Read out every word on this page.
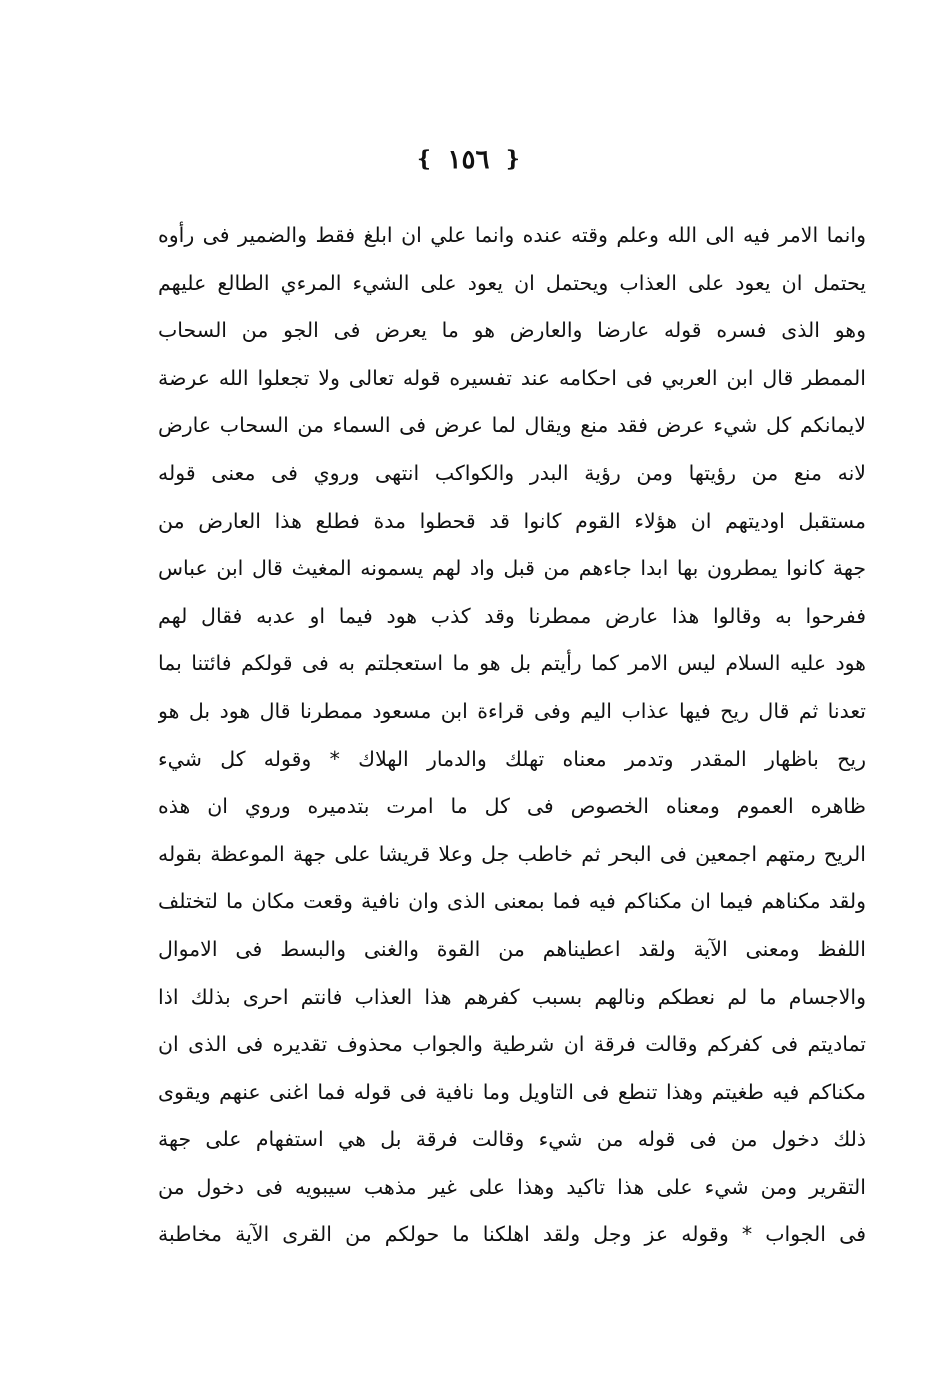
❴
١٥٦
❵
وانما الامر فيه الى الله وعلم وقته عنده وانما علي ان ابلغ فقط والضمير فى رأوه
يحتمل ان يعود على العذاب ويحتمل ان يعود على الشيء المرءي الطالع عليهم
وهو الذى فسره قوله عارضا والعارض هو ما يعرض فى الجو من السحاب
الممطر قال ابن العربي فى احكامه عند تفسيره قوله تعالى ولا تجعلوا الله عرضة
لايمانكم كل شيء عرض فقد منع ويقال لما عرض فى السماء من السحاب عارض
لانه منع من رؤيتها ومن رؤية البدر والكواكب انتهى وروي فى معنى قوله
مستقبل اوديتهم ان هؤلاء القوم كانوا قد قحطوا مدة فطلع هذا العارض من
جهة كانوا يمطرون بها ابدا جاءهم من قبل واد لهم يسمونه المغيث قال ابن عباس
ففرحوا به وقالوا هذا عارض ممطرنا وقد كذب هود فيما او عدبه فقال لهم
هود عليه السلام ليس الامر كما رأيتم بل هو ما استعجلتم به فى قولكم فائتنا بما
تعدنا ثم قال ريح فيها عذاب اليم وفى قراءة ابن مسعود ممطرنا قال هود بل هو
ريح باظهار المقدر وتدمر معناه تهلك والدمار الهلاك * وقوله كل شيء
ظاهره العموم ومعناه الخصوص فى كل ما امرت بتدميره وروي ان هذه
الريح رمتهم اجمعين فى البحر ثم خاطب جل وعلا قريشا على جهة الموعظة بقوله
ولقد مكناهم فيما ان مكناكم فيه فما بمعنى الذى وان نافية وقعت مكان ما لتختلف
اللفظ ومعنى الآية ولقد اعطيناهم من القوة والغنى والبسط فى الاموال
والاجسام ما لم نعطكم ونالهم بسبب كفرهم هذا العذاب فانتم احرى بذلك اذا
تماديتم فى كفركم وقالت فرقة ان شرطية والجواب محذوف تقديره فى الذى ان
مكناكم فيه طغيتم وهذا تنطع فى التاويل وما نافية فى قوله فما اغنى عنهم ويقوى
ذلك دخول من فى قوله من شيء وقالت فرقة بل هي استفهام على جهة
التقرير ومن شيء على هذا تاكيد وهذا على غير مذهب سيبويه فى دخول من
فى الجواب * وقوله عز وجل ولقد اهلكنا ما حولكم من القرى الآية مخاطبة
